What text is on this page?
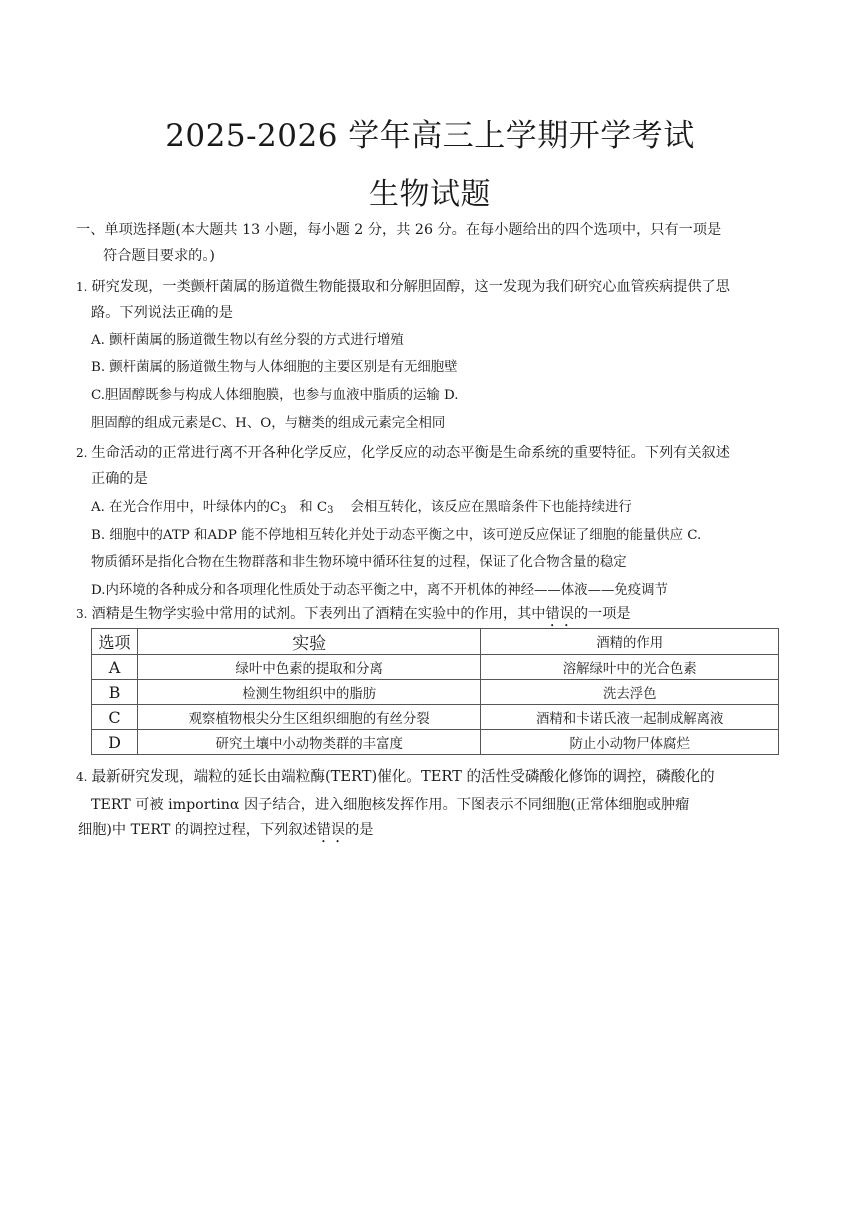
2025-2026 学年高三上学期开学考试
生物试题
一、单项选择题(本大题共 13 小题，每小题 2 分，共 26 分。在每小题给出的四个选项中，只有一项是
符合题目要求的。)
1. 研究发现，一类颤杆菌属的肠道微生物能摄取和分解胆固醇，这一发现为我们研究心血管疾病提供了思
路。下列说法正确的是
A. 颤杆菌属的肠道微生物以有丝分裂的方式进行增殖
B. 颤杆菌属的肠道微生物与人体细胞的主要区别是有无细胞壁
C.胆固醇既参与构成人体细胞膜，也参与血液中脂质的运输 D.
胆固醇的组成元素是C、H、O，与糖类的组成元素完全相同
2. 生命活动的正常进行离不开各种化学反应，化学反应的动态平衡是生命系统的重要特征。下列有关叙述
正确的是
A. 在光合作用中，叶绿体内的$C_3$   和 $C_3$    会相互转化，该反应在黑暗条件下也能持续进行
B. 细胞中的ATP 和ADP 能不停地相互转化并处于动态平衡之中，该可逆反应保证了细胞的能量供应 C.
物质循环是指化合物在生物群落和非生物环境中循环往复的过程，保证了化合物含量的稳定
D.内环境的各种成分和各项理化性质处于动态平衡之中，离不开机体的神经——体液——免疫调节
3. 酒精是生物学实验中常用的试剂。下表列出了酒精在实验中的作用，其中错误的一项是
选项	实验	酒精的作用
A	绿叶中色素的提取和分离	溶解绿叶中的光合色素
B	检测生物组织中的脂肪	洗去浮色
C	观察植物根尖分生区组织细胞的有丝分裂	酒精和卡诺氏液一起制成解离液
D	研究土壤中小动物类群的丰富度	防止小动物尸体腐烂
4. 最新研究发现，端粒的延长由端粒酶(TERT)催化。TERT 的活性受磷酸化修饰的调控，磷酸化的
TERT 可被 importinα 因子结合，进入细胞核发挥作用。下图表示不同细胞(正常体细胞或肿瘤
细胞)中 TERT 的调控过程，下列叙述错误的是
